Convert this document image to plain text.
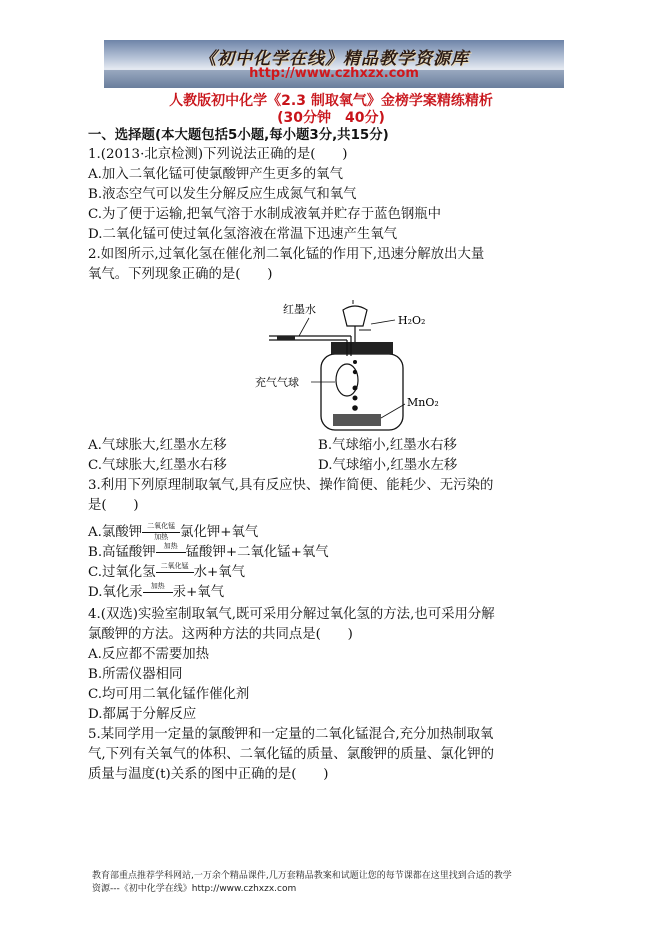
《初中化学在线》精品教学资源库
http://www.czhxzx.com
人教版初中化学《2.3 制取氧气》金榜学案精练精析
(30分钟　40分)
一、选择题(本大题包括5小题,每小题3分,共15分)
1.(2013·北京检测)下列说法正确的是(　　)
A.加入二氧化锰可使氯酸钾产生更多的氧气
B.液态空气可以发生分解反应生成氮气和氧气
C.为了便于运输,把氧气溶于水制成液氧并贮存于蓝色钢瓶中
D.二氧化锰可使过氧化氢溶液在常温下迅速产生氧气
2.如图所示,过氧化氢在催化剂二氧化锰的作用下,迅速分解放出大量
氧气。下列现象正确的是(　　)
红墨水
H₂O₂
充气气球
MnO₂
A.气球胀大,红墨水左移	B.气球缩小,红墨水右移
C.气球胀大,红墨水右移	D.气球缩小,红墨水左移
3.利用下列原理制取氧气,具有反应快、操作简便、能耗少、无污染的
是(　　)
A.氯酸钾 二氧化锰
加热 氯化钾+氧气
B.高锰酸钾	加热 锰酸钾+二氧化锰+氧气
C.过氧化氢 二氧化锰 水+氧气
D.氧化汞	加热 汞+氧气
4.(双选)实验室制取氧气,既可采用分解过氧化氢的方法,也可采用分解
氯酸钾的方法。这两种方法的共同点是(　　)
A.反应都不需要加热
B.所需仪器相同
C.均可用二氧化锰作催化剂
D.都属于分解反应
5.某同学用一定量的氯酸钾和一定量的二氧化锰混合,充分加热制取氧
气,下列有关氧气的体积、二氧化锰的质量、氯酸钾的质量、氯化钾的
质量与温度(t)关系的图中正确的是(　　)
教育部重点推荐学科网站,一万余个精品课件,几万套精品教案和试题让您的每节课都在这里找到合适的教学
资源---《初中化学在线》http://www.czhxzx.com
